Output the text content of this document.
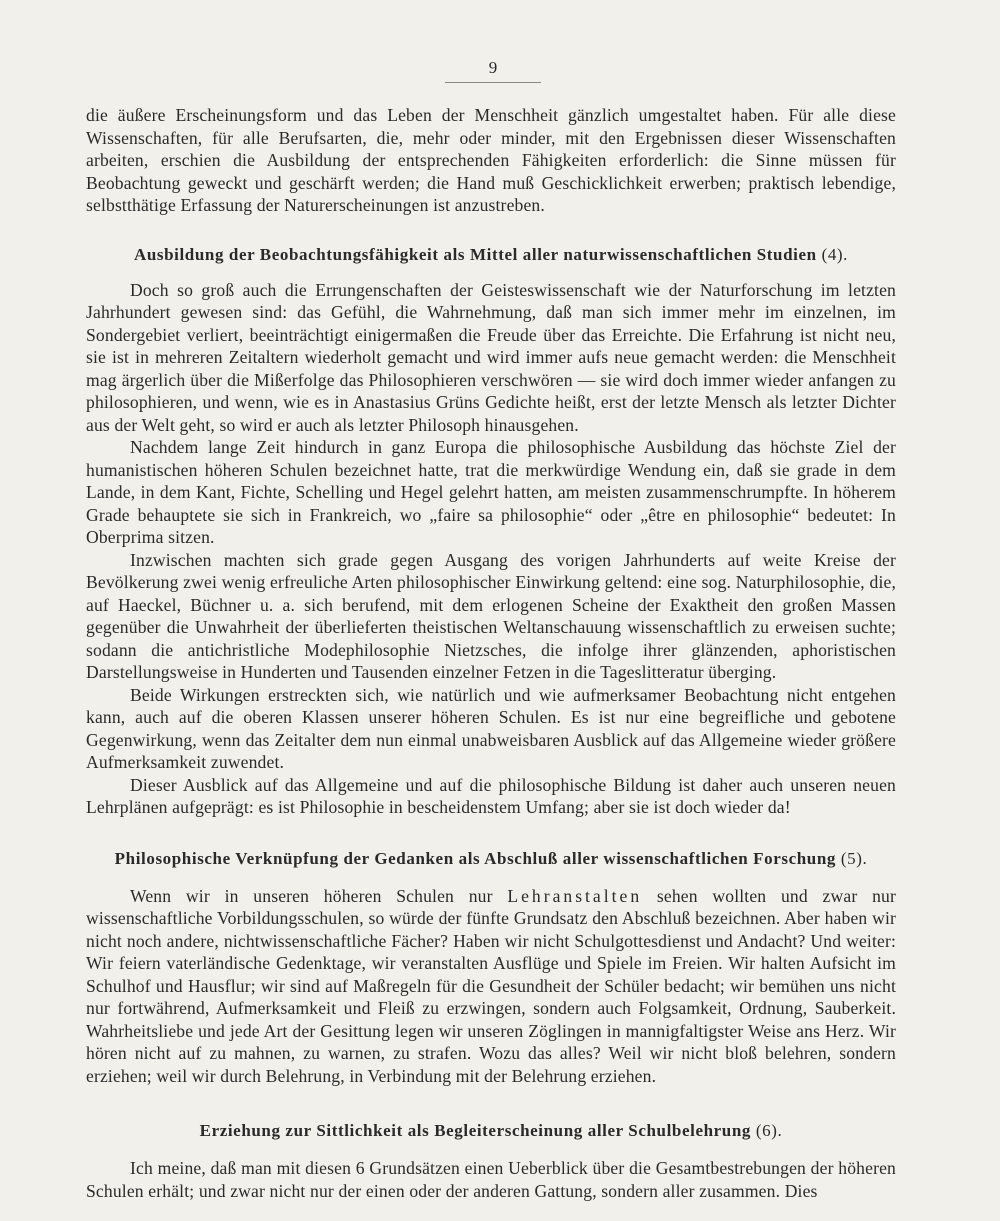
9

die äußere Erscheinungsform und das Leben der Menschheit gänzlich umgestaltet haben. Für alle diese Wissenschaften, für alle Berufsarten, die, mehr oder minder, mit den Ergebnissen dieser Wissenschaften arbeiten, erschien die Ausbildung der entsprechenden Fähigkeiten erforderlich: die Sinne müssen für Beobachtung geweckt und geschärft werden; die Hand muß Geschicklichkeit erwerben; praktisch lebendige, selbstthätige Erfassung der Naturerscheinungen ist anzustreben.

Ausbildung der Beobachtungsfähigkeit als Mittel aller naturwissenschaftlichen Studien (4).

Doch so groß auch die Errungenschaften der Geisteswissenschaft wie der Naturforschung im letzten Jahrhundert gewesen sind: das Gefühl, die Wahrnehmung, daß man sich immer mehr im einzelnen, im Sondergebiet verliert, beeinträchtigt einigermaßen die Freude über das Erreichte. Die Erfahrung ist nicht neu, sie ist in mehreren Zeitaltern wiederholt gemacht und wird immer aufs neue gemacht werden: die Menschheit mag ärgerlich über die Mißerfolge das Philosophieren verschwören — sie wird doch immer wieder anfangen zu philosophieren, und wenn, wie es in Anastasius Grüns Gedichte heißt, erst der letzte Mensch als letzter Dichter aus der Welt geht, so wird er auch als letzter Philosoph hinausgehen.

Nachdem lange Zeit hindurch in ganz Europa die philosophische Ausbildung das höchste Ziel der humanistischen höheren Schulen bezeichnet hatte, trat die merkwürdige Wendung ein, daß sie grade in dem Lande, in dem Kant, Fichte, Schelling und Hegel gelehrt hatten, am meisten zusammenschrumpfte. In höherem Grade behauptete sie sich in Frankreich, wo „faire sa philosophie“ oder „être en philosophie“ bedeutet: In Oberprima sitzen.

Inzwischen machten sich grade gegen Ausgang des vorigen Jahrhunderts auf weite Kreise der Bevölkerung zwei wenig erfreuliche Arten philosophischer Einwirkung geltend: eine sog. Naturphilosophie, die, auf Haeckel, Büchner u. a. sich berufend, mit dem erlogenen Scheine der Exaktheit den großen Massen gegenüber die Unwahrheit der überlieferten theistischen Weltanschauung wissenschaftlich zu erweisen suchte; sodann die antichristliche Modephilosophie Nietzsches, die infolge ihrer glänzenden, aphoristischen Darstellungsweise in Hunderten und Tausenden einzelner Fetzen in die Tageslitteratur überging.

Beide Wirkungen erstreckten sich, wie natürlich und wie aufmerksamer Beobachtung nicht entgehen kann, auch auf die oberen Klassen unserer höheren Schulen. Es ist nur eine begreifliche und gebotene Gegenwirkung, wenn das Zeitalter dem nun einmal unabweisbaren Ausblick auf das Allgemeine wieder größere Aufmerksamkeit zuwendet.

Dieser Ausblick auf das Allgemeine und auf die philosophische Bildung ist daher auch unseren neuen Lehrplänen aufgeprägt: es ist Philosophie in bescheidenstem Umfang; aber sie ist doch wieder da!

Philosophische Verknüpfung der Gedanken als Abschluß aller wissenschaftlichen Forschung (5).

Wenn wir in unseren höheren Schulen nur Lehranstalten sehen wollten und zwar nur wissenschaftliche Vorbildungsschulen, so würde der fünfte Grundsatz den Abschluß bezeichnen. Aber haben wir nicht noch andere, nichtwissenschaftliche Fächer? Haben wir nicht Schulgottesdienst und Andacht? Und weiter: Wir feiern vaterländische Gedenktage, wir veranstalten Ausflüge und Spiele im Freien. Wir halten Aufsicht im Schulhof und Hausflur; wir sind auf Maßregeln für die Gesundheit der Schüler bedacht; wir bemühen uns nicht nur fortwährend, Aufmerksamkeit und Fleiß zu erzwingen, sondern auch Folgsamkeit, Ordnung, Sauberkeit. Wahrheitsliebe und jede Art der Gesittung legen wir unseren Zöglingen in mannigfaltigster Weise ans Herz. Wir hören nicht auf zu mahnen, zu warnen, zu strafen. Wozu das alles? Weil wir nicht bloß belehren, sondern erziehen; weil wir durch Belehrung, in Verbindung mit der Belehrung erziehen.

Erziehung zur Sittlichkeit als Begleiterscheinung aller Schulbelehrung (6).

Ich meine, daß man mit diesen 6 Grundsätzen einen Ueberblick über die Gesamtbestrebungen der höheren Schulen erhält; und zwar nicht nur der einen oder der anderen Gattung, sondern aller zusammen. Dies
